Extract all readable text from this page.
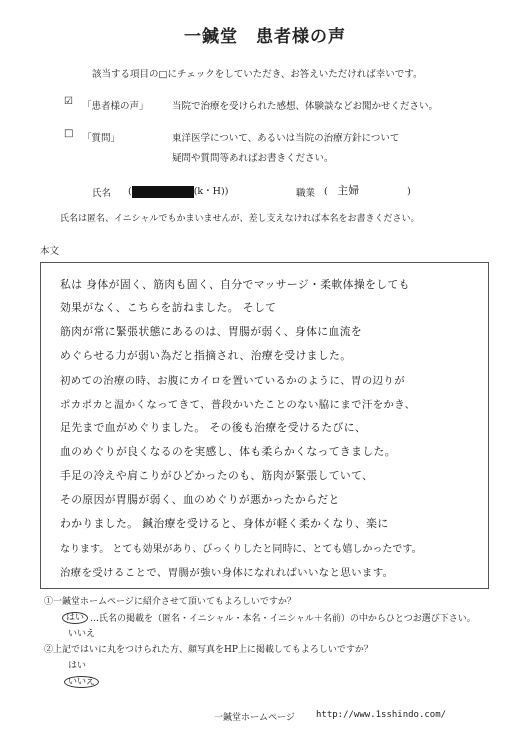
一鍼堂　患者様の声
該当する項目の□にチェックをしていただき、お答えいただければ幸いです。
☑ 「患者様の声」 当院で治療を受けられた感想、体験談などお聞かせください。
□ 「質問」	東洋医学について、あるいは当院の治療方針について
疑問や質問等あればお書きください。
氏名 (	(k・H))	職業 (　主婦　　　　　)
氏名は匿名、イニシャルでもかまいませんが、差し支えなければ本名をお書きください。
本文
私は 身体が固く、筋肉も固く、自分でマッサージ・柔軟体操をしても
効果がなく、こちらを訪ねました。 そして
筋肉が常に緊張状態にあるのは、胃腸が弱く、身体に血流を
めぐらせる力が弱い為だと指摘され、治療を受けました。
初めての治療の時、お腹にカイロを置いているかのように、胃の辺りが
ポカポカと温かくなってきて、普段かいたことのない脇にまで汗をかき、
足先まで血がめぐりました。 その後も治療を受けるたびに、
血のめぐりが良くなるのを実感し、体も柔らかくなってきました。
手足の冷えや肩こりがひどかったのも、筋肉が緊張していて、
その原因が胃腸が弱く、血のめぐりが悪かったからだと
わかりました。 鍼治療を受けると、身体が軽く柔かくなり、楽に
なります。 とても効果があり、びっくりしたと同時に、とても嬉しかったです。
治療を受けることで、胃腸が強い身体になれればいいなと思います。
①一鍼堂ホームページに紹介させて頂いてもよろしいですか？
はい …氏名の掲載を（匿名・イニシャル・本名・イニシャル＋名前）の中からひとつお選び下さい。
いいえ
②上記ではいに丸をつけられた方、顔写真をHP上に掲載してもよろしいですか？
はい
いいえ
一鍼堂ホームページ http://www.1sshindo.com/
